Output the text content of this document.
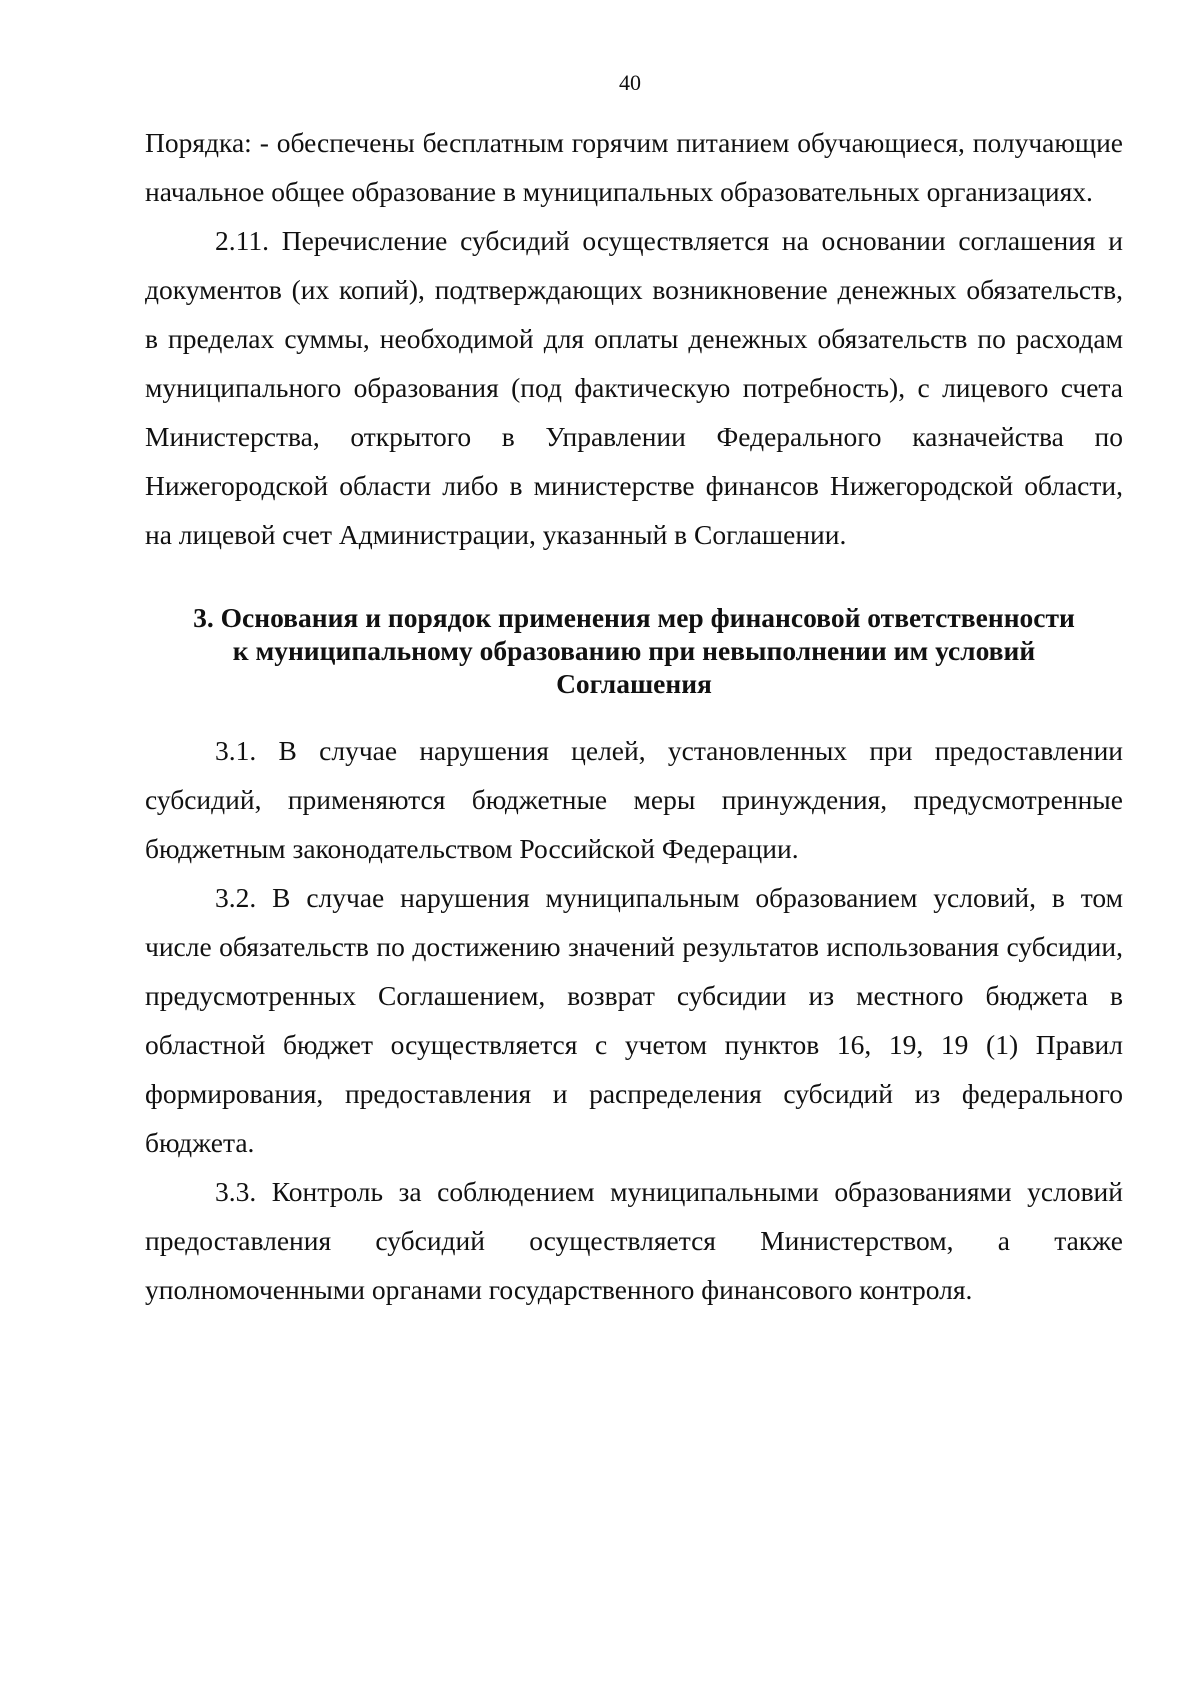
40

Порядка: - обеспечены бесплатным горячим питанием обучающиеся, получающие начальное общее образование в муниципальных образовательных организациях.

2.11. Перечисление субсидий осуществляется на основании соглашения и документов (их копий), подтверждающих возникновение денежных обязательств, в пределах суммы, необходимой для оплаты денежных обязательств по расходам муниципального образования (под фактическую потребность), с лицевого счета Министерства, открытого в Управлении Федерального казначейства по Нижегородской области либо в министерстве финансов Нижегородской области, на лицевой счет Администрации, указанный в Соглашении.

3. Основания и порядок применения мер финансовой ответственности
к муниципальному образованию при невыполнении им условий
Соглашения

3.1. В случае нарушения целей, установленных при предоставлении субсидий, применяются бюджетные меры принуждения, предусмотренные бюджетным законодательством Российской Федерации.

3.2. В случае нарушения муниципальным образованием условий, в том числе обязательств по достижению значений результатов использования субсидии, предусмотренных Соглашением, возврат субсидии из местного бюджета в областной бюджет осуществляется с учетом пунктов 16, 19, 19 (1) Правил формирования, предоставления и распределения субсидий из федерального бюджета.

3.3. Контроль за соблюдением муниципальными образованиями условий предоставления субсидий осуществляется Министерством, а также уполномоченными органами государственного финансового контроля.
